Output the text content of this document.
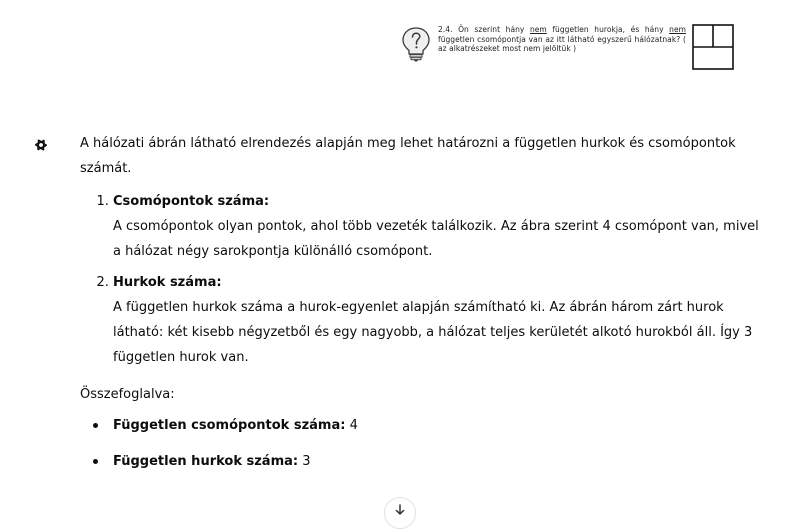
2.4. Ön szerint hány nem független hurokja, és hány nem független csomópontja van az itt látható egyszerű hálózatnak? ( az alkatrészeket most nem jelöltük )

A hálózati ábrán látható elrendezés alapján meg lehet határozni a független hurkok és csomópontok számát.

1. Csomópontok száma:
A csomópontok olyan pontok, ahol több vezeték találkozik. Az ábra szerint 4 csomópont van, mivel a hálózat négy sarokpontja különálló csomópont.
2. Hurkok száma:
A független hurkok száma a hurok-egyenlet alapján számítható ki. Az ábrán három zárt hurok látható: két kisebb négyzetből és egy nagyobb, a hálózat teljes kerületét alkotó hurokból áll. Így 3 független hurok van.

Összefoglalva:

Független csomópontok száma: 4
Független hurkok száma: 3
